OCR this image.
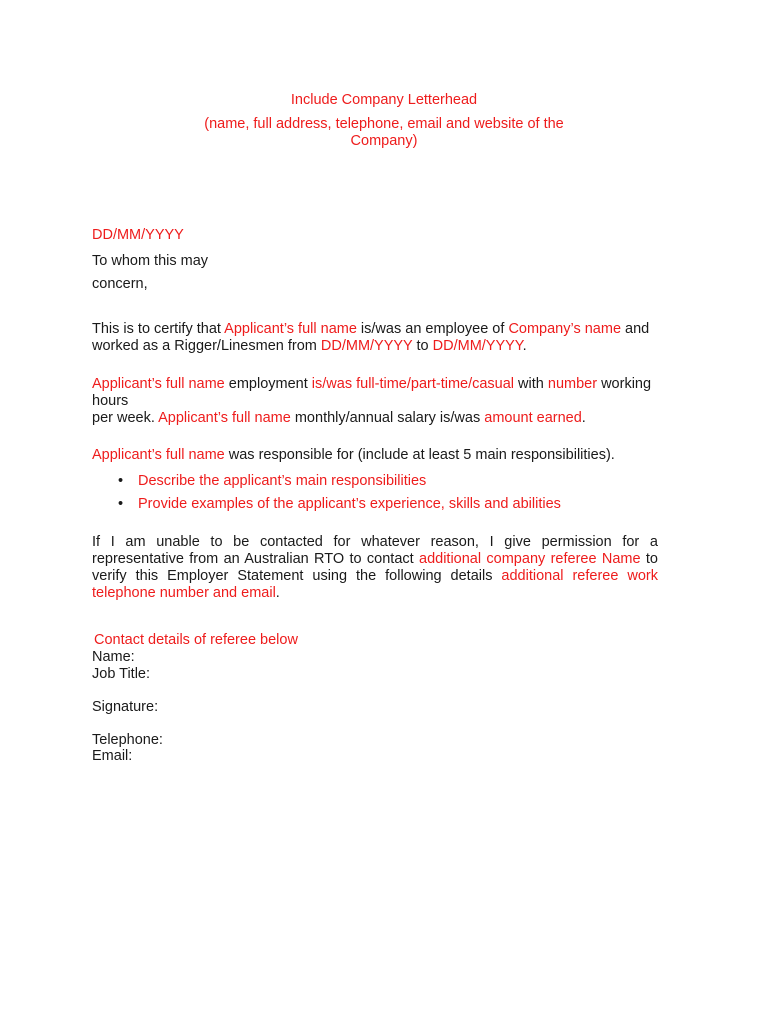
Include Company Letterhead
(name, full address, telephone, email and website of the Company)
DD/MM/YYYY
To whom this may concern,
This is to certify that Applicant’s full name is/was an employee of Company’s name and worked as a Rigger/Linesmen from DD/MM/YYYY to DD/MM/YYYY.
Applicant’s full name employment is/was full-time/part-time/casual with number working hours
per week. Applicant’s full name monthly/annual salary is/was amount earned.
Applicant’s full name was responsible for (include at least 5 main responsibilities).
• Describe the applicant’s main responsibilities
• Provide examples of the applicant’s experience, skills and abilities
If I am unable to be contacted for whatever reason, I give permission for a representative from an Australian RTO to contact additional company referee Name to verify this Employer Statement using the following details additional referee work telephone number and email.
Contact details of referee below
Name:
Job Title:
Signature:
Telephone:
Email:
